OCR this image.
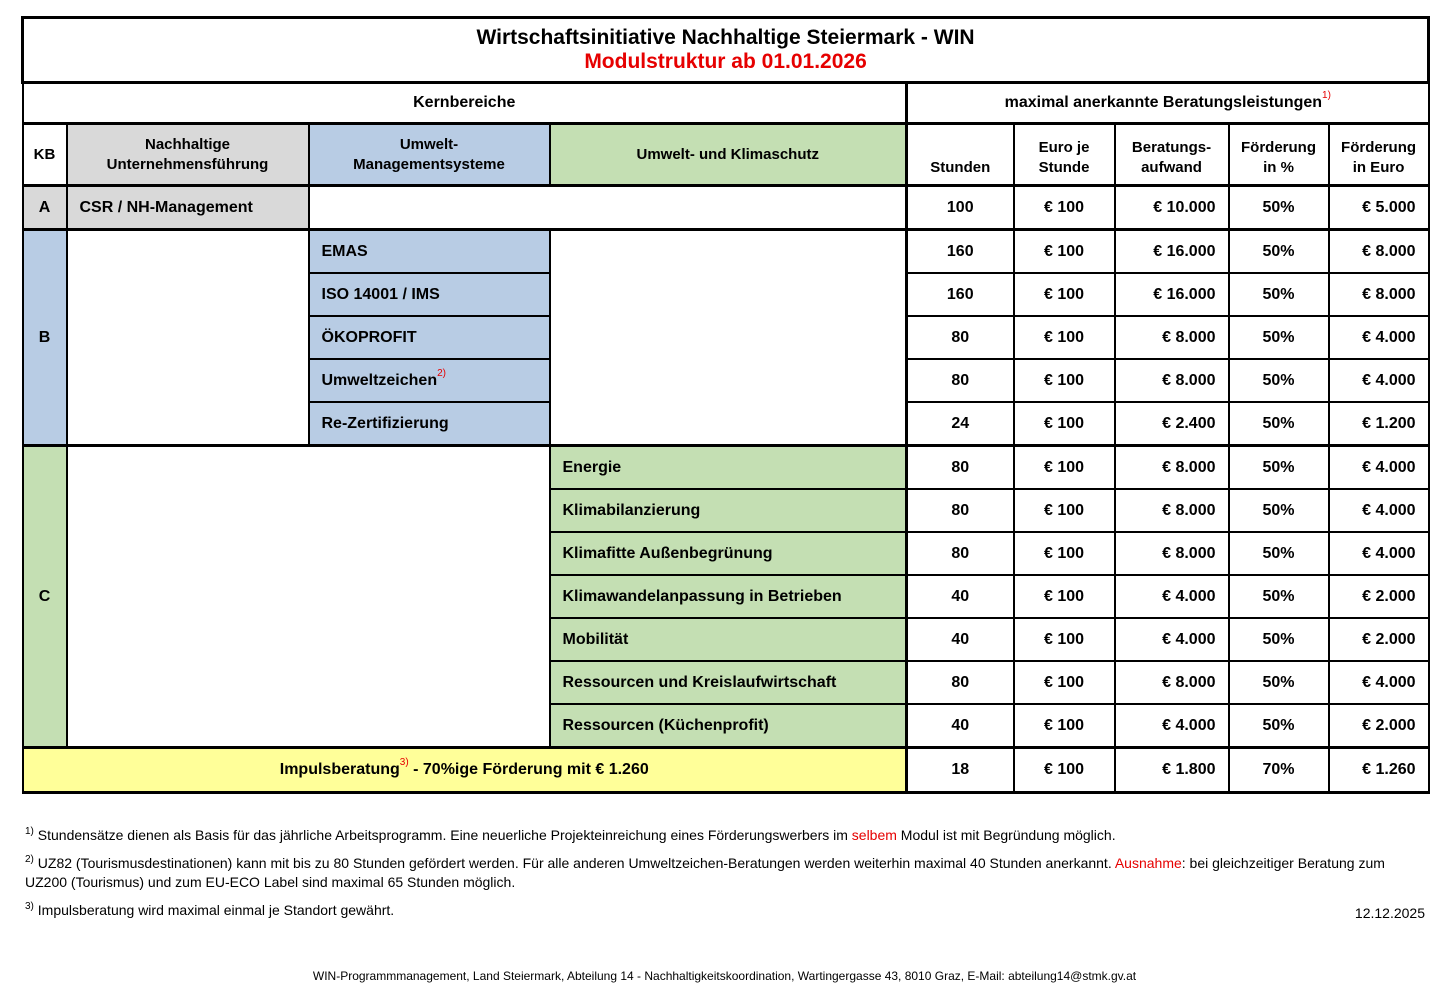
Wirtschaftsinitiative Nachhaltige Steiermark - WIN
Modulstruktur ab 01.01.2026								

Kernbereiche				maximal anerkannte Beratungsleistungen$^{1)}$
KB	Nachhaltige Unternehmensführung	Umwelt-Managementsysteme	Umwelt- und Klimaschutz	Stunden	Euro je Stunde	Beratungs-aufwand	Förderung in %	Förderung in Euro
A	CSR / NH-Management			100	€ 100	€ 10.000	50%	€ 5.000
B		EMAS		160	€ 100	€ 16.000	50%	€ 8.000
		ISO 14001 / IMS		160	€ 100	€ 16.000	50%	€ 8.000
		ÖKOPROFIT		80	€ 100	€ 8.000	50%	€ 4.000
		Umweltzeichen$^{2)}$		80	€ 100	€ 8.000	50%	€ 4.000
		Re-Zertifizierung		24	€ 100	€ 2.400	50%	€ 1.200
C			Energie	80	€ 100	€ 8.000	50%	€ 4.000
			Klimabilanzierung	80	€ 100	€ 8.000	50%	€ 4.000
			Klimafitte Außenbegrünung	80	€ 100	€ 8.000	50%	€ 4.000
			Klimawandelanpassung in Betrieben	40	€ 100	€ 4.000	50%	€ 2.000
			Mobilität	40	€ 100	€ 4.000	50%	€ 2.000
			Ressourcen und Kreislaufwirtschaft	80	€ 100	€ 8.000	50%	€ 4.000
			Ressourcen (Küchenprofit)	40	€ 100	€ 4.000	50%	€ 2.000
Impulsberatung$^{3)}$ - 70%ige Förderung mit € 1.260				18	€ 100	€ 1.800	70%	€ 1.260
$^{1)}$ Stundensätze dienen als Basis für das jährliche Arbeitsprogramm. Eine neuerliche Projekteinreichung eines Förderungswerbers im selbem Modul ist mit Begründung möglich.
$^{2)}$ UZ82 (Tourismusdestinationen) kann mit bis zu 80 Stunden gefördert werden. Für alle anderen Umweltzeichen-Beratungen werden weiterhin maximal 40 Stunden anerkannt. Ausnahme: bei gleichzeitiger Beratung zum UZ200 (Tourismus) und zum EU-ECO Label sind maximal 65 Stunden möglich.
$^{3)}$ Impulsberatung wird maximal einmal je Standort gewährt.	12.12.2025
WIN-Programmmanagement, Land Steiermark, Abteilung 14 - Nachhaltigkeitskoordination, Wartingergasse 43, 8010 Graz, E-Mail: abteilung14@stmk.gv.at
